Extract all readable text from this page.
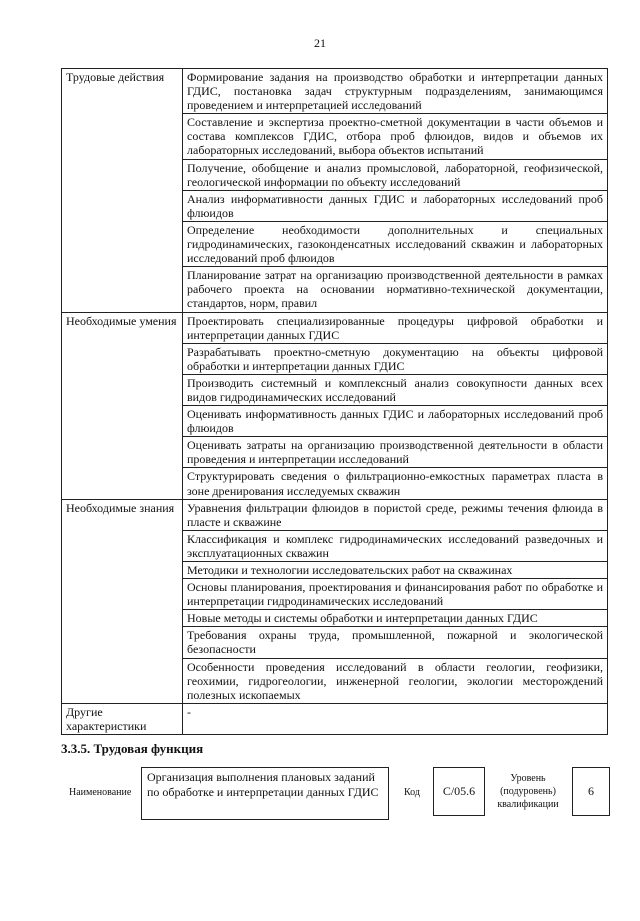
21
Трудовые действия	Формирование задания на производство обработки и интерпретации данных ГДИС, постановка задач структурным подразделениям, занимающимся проведением и интерпретацией исследований
	Составление и экспертиза проектно-сметной документации в части объемов и состава комплексов ГДИС, отбора проб флюидов, видов и объемов их лабораторных исследований, выбора объектов испытаний
	Получение, обобщение и анализ промысловой, лабораторной, геофизической, геологической информации по объекту исследований
	Анализ информативности данных ГДИС и лабораторных исследований проб флюидов
	Определение необходимости дополнительных и специальных гидродинамических, газоконденсатных исследований скважин и лабораторных исследований проб флюидов
	Планирование затрат на организацию производственной деятельности в рамках рабочего проекта на основании нормативно-технической документации, стандартов, норм, правил
Необходимые умения	Проектировать специализированные процедуры цифровой обработки и интерпретации данных ГДИС
	Разрабатывать проектно-сметную документацию на объекты цифровой обработки и интерпретации данных ГДИС
	Производить системный и комплексный анализ совокупности данных всех видов гидродинамических исследований
	Оценивать информативность данных ГДИС и лабораторных исследований проб флюидов
	Оценивать затраты на организацию производственной деятельности в области проведения и интерпретации исследований
	Структурировать сведения о фильтрационно-емкостных параметрах пласта в зоне дренирования исследуемых скважин
Необходимые знания	Уравнения фильтрации флюидов в пористой среде, режимы течения флюида в пласте и скважине
	Классификация и комплекс гидродинамических исследований разведочных и эксплуатационных скважин
	Методики и технологии исследовательских работ на скважинах
	Основы планирования, проектирования и финансирования работ по обработке и интерпретации гидродинамических исследований
	Новые методы и системы обработки и интерпретации данных ГДИС
	Требования охраны труда, промышленной, пожарной и экологической безопасности
	Особенности проведения исследований в области геологии, геофизики, геохимии, гидрогеологии, инженерной геологии, экологии месторождений полезных ископаемых
Другие характеристики	-
3.3.5. Трудовая функция
Наименование
Организация выполнения плановых заданий по обработке и интерпретации данных ГДИС	Код	C/05.6
Уровень (подуровень) квалификации
6
